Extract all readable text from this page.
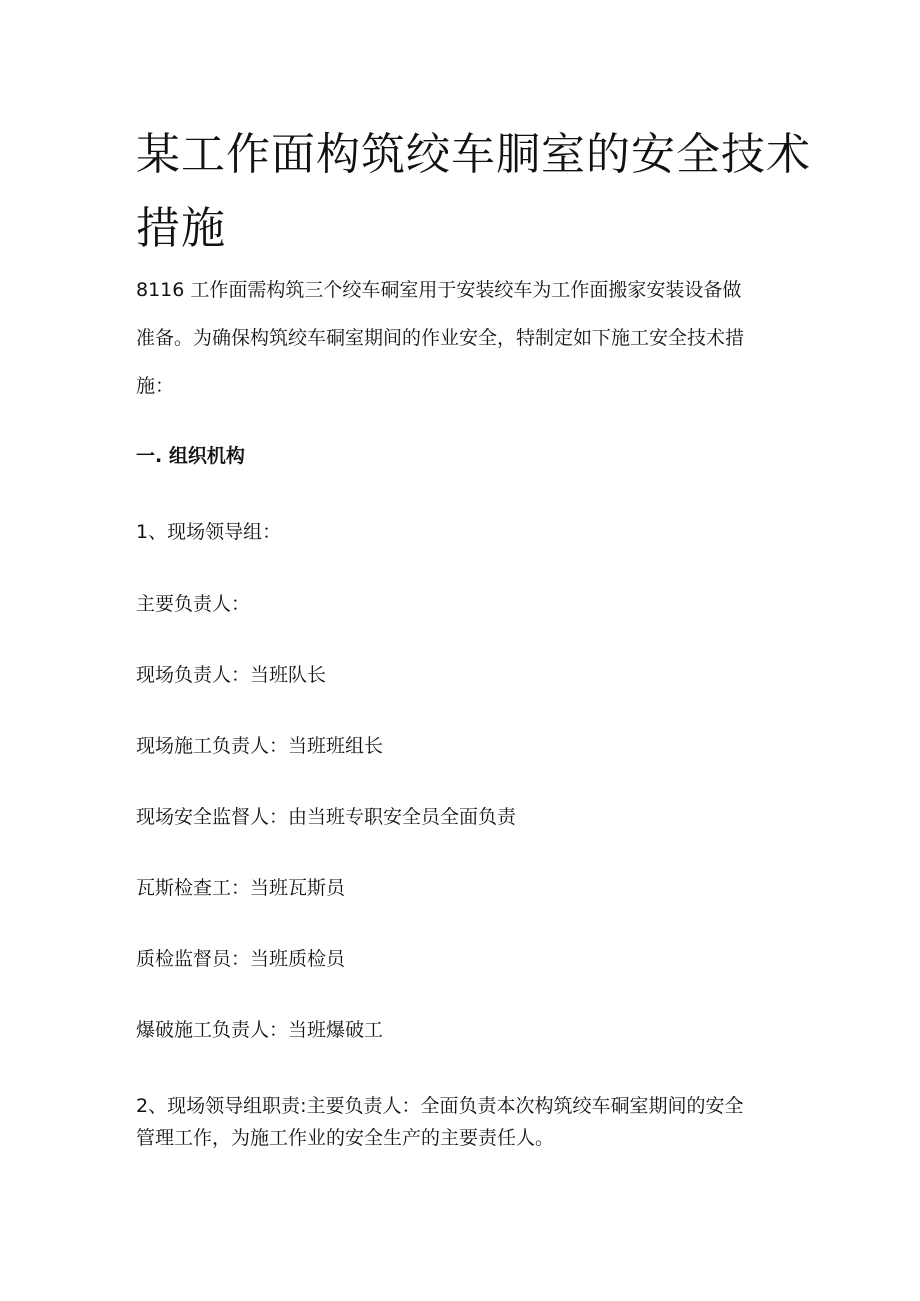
某工作面构筑绞车胴室的安全技术
措施
8116 工作面需构筑三个绞车硐室用于安装绞车为工作面搬家安装设备做
准备。为确保构筑绞车硐室期间的作业安全，特制定如下施工安全技术措
施：
一. 组织机构
1、现场领导组：
主要负责人：
现场负责人：当班队长
现场施工负责人：当班班组长
现场安全监督人：由当班专职安全员全面负责
瓦斯检查工：当班瓦斯员
质检监督员：当班质检员
爆破施工负责人：当班爆破工
2、现场领导组职责:主要负责人：全面负责本次构筑绞车硐室期间的安全
管理工作，为施工作业的安全生产的主要责任人。
